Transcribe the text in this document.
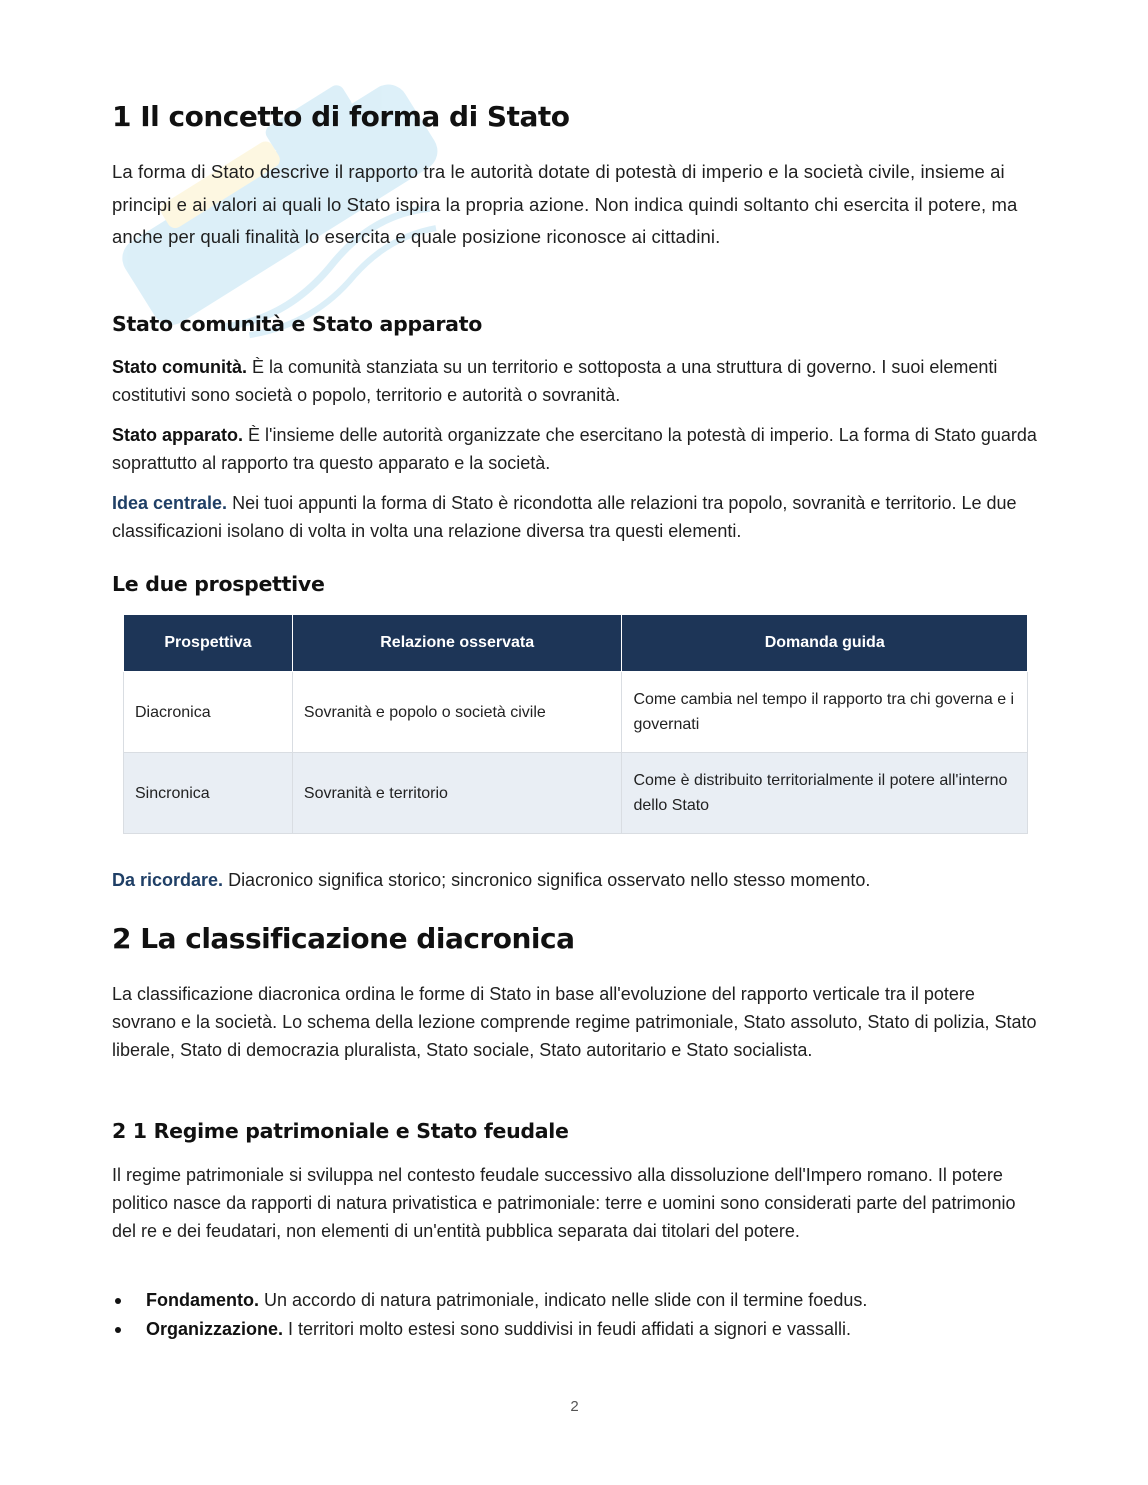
1 Il concetto di forma di Stato

La forma di Stato descrive il rapporto tra le autorità dotate di potestà di imperio e la società civile, insieme ai principi e ai valori ai quali lo Stato ispira la propria azione. Non indica quindi soltanto chi esercita il potere, ma anche per quali finalità lo esercita e quale posizione riconosce ai cittadini.

Stato comunità e Stato apparato

Stato comunità. È la comunità stanziata su un territorio e sottoposta a una struttura di governo. I suoi elementi costitutivi sono società o popolo, territorio e autorità o sovranità.

Stato apparato. È l'insieme delle autorità organizzate che esercitano la potestà di imperio. La forma di Stato guarda soprattutto al rapporto tra questo apparato e la società.

Idea centrale. Nei tuoi appunti la forma di Stato è ricondotta alle relazioni tra popolo, sovranità e territorio. Le due classificazioni isolano di volta in volta una relazione diversa tra questi elementi.

Le due prospettive
Prospettiva	Relazione osservata	Domanda guida
Diacronica	Sovranità e popolo o società civile	Come cambia nel tempo il rapporto tra chi governa e i governati
Sincronica	Sovranità e territorio	Come è distribuito territorialmente il potere all'interno dello Stato

Da ricordare. Diacronico significa storico; sincronico significa osservato nello stesso momento.

2 La classificazione diacronica

La classificazione diacronica ordina le forme di Stato in base all'evoluzione del rapporto verticale tra il potere sovrano e la società. Lo schema della lezione comprende regime patrimoniale, Stato assoluto, Stato di polizia, Stato liberale, Stato di democrazia pluralista, Stato sociale, Stato autoritario e Stato socialista.

2 1 Regime patrimoniale e Stato feudale

Il regime patrimoniale si sviluppa nel contesto feudale successivo alla dissoluzione dell'Impero romano. Il potere politico nasce da rapporti di natura privatistica e patrimoniale: terre e uomini sono considerati parte del patrimonio del re e dei feudatari, non elementi di un'entità pubblica separata dai titolari del potere.

Fondamento. Un accordo di natura patrimoniale, indicato nelle slide con il termine foedus.
Organizzazione. I territori molto estesi sono suddivisi in feudi affidati a signori e vassalli.
2
